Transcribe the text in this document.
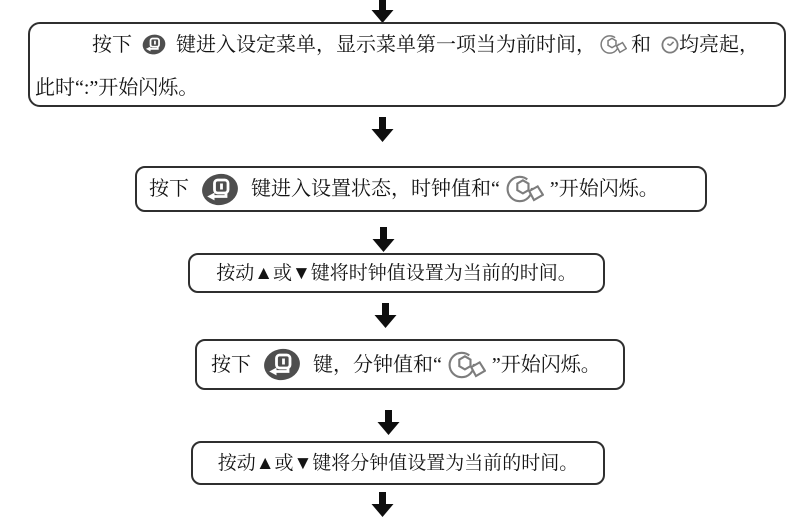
按下 键进入设定菜单，显示菜单第一项当为前时间， 和 均亮起，
此时“:”开始闪烁。
按下	键进入设置状态，时钟值和“	”开始闪烁。
按动▲或▼键将时钟值设置为当前的时间。
按下	键，分钟值和“	”开始闪烁。
按动▲或▼键将分钟值设置为当前的时间。
